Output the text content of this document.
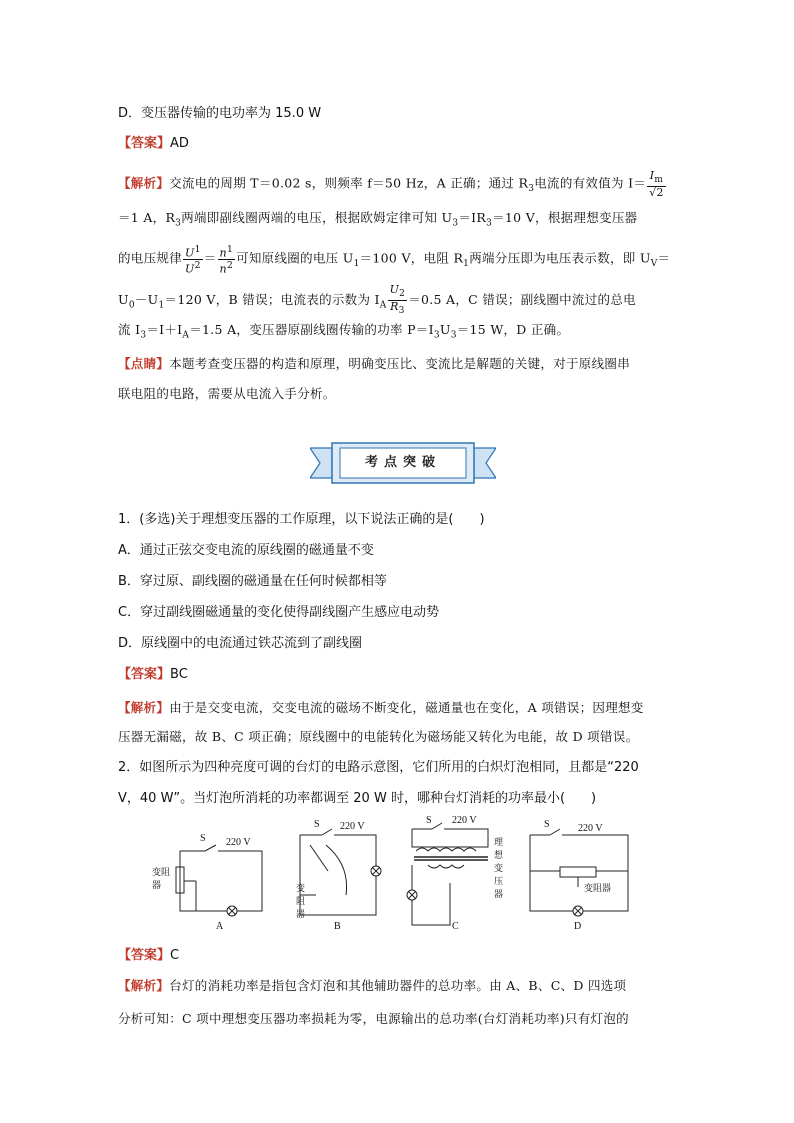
D．变压器传输的电功率为 15.0 W
【答案】AD
【解析】交流电的周期 T＝0.02 s，则频率 f＝50 Hz，A 正确；通过 $R_3$电流的有效值为 $I= \frac{I_m}{√2}$
＝1 A，$R_3$两端即副线圈两端的电压，根据欧姆定律可知 $U_3=IR_3=10$ V，根据理想变压器
的电压规律 $\frac{U^1}{U^2} = \frac{n^1}{n^2}$ 可知原线圈的电压 $U_1=100$ V，电阻 $R_1$两端分压即为电压表示数，即 $U_V=$
$U_0-U_1=120$ V，B 错误；电流表的示数为 $I_A \frac{U_2}{R_3} =0.5$ A，C 错误；副线圈中流过的总电
流 $I_3=I+I_A=1.5$ A，变压器原副线圈传输的功率 $P=I_3U_3=15$ W，D 正确。
【点睛】本题考查变压器的构造和原理，明确变压比、变流比是解题的关键，对于原线圈串
联电阻的电路，需要从电流入手分析。
考点突破
1．(多选)关于理想变压器的工作原理，以下说法正确的是(　　)
A．通过正弦交变电流的原线圈的磁通量不变
B．穿过原、副线圈的磁通量在任何时候都相等
C．穿过副线圈磁通量的变化使得副线圈产生感应电动势
D．原线圈中的电流通过铁芯流到了副线圈
【答案】BC
【解析】由于是交变电流，交变电流的磁场不断变化，磁通量也在变化，A 项错误；因理想变
压器无漏磁，故 B、C 项正确；原线圈中的电能转化为磁场能又转化为电能，故 D 项错误。
2．如图所示为四种亮度可调的台灯的电路示意图，它们所用的白炽灯泡相同，且都是“220
V，40 W”。当灯泡所消耗的功率都调至 20 W 时，哪种台灯消耗的功率最小(　　)
S 220 V
变阻器
S 220 V
变阻器
S 220 V
理想变压器
S	220 V
变阻器
A	B	C	D
【答案】C
【解析】台灯的消耗功率是指包含灯泡和其他辅助器件的总功率。由 A、B、C、D 四选项
分析可知：C 项中理想变压器功率损耗为零，电源输出的总功率(台灯消耗功率)只有灯泡的
